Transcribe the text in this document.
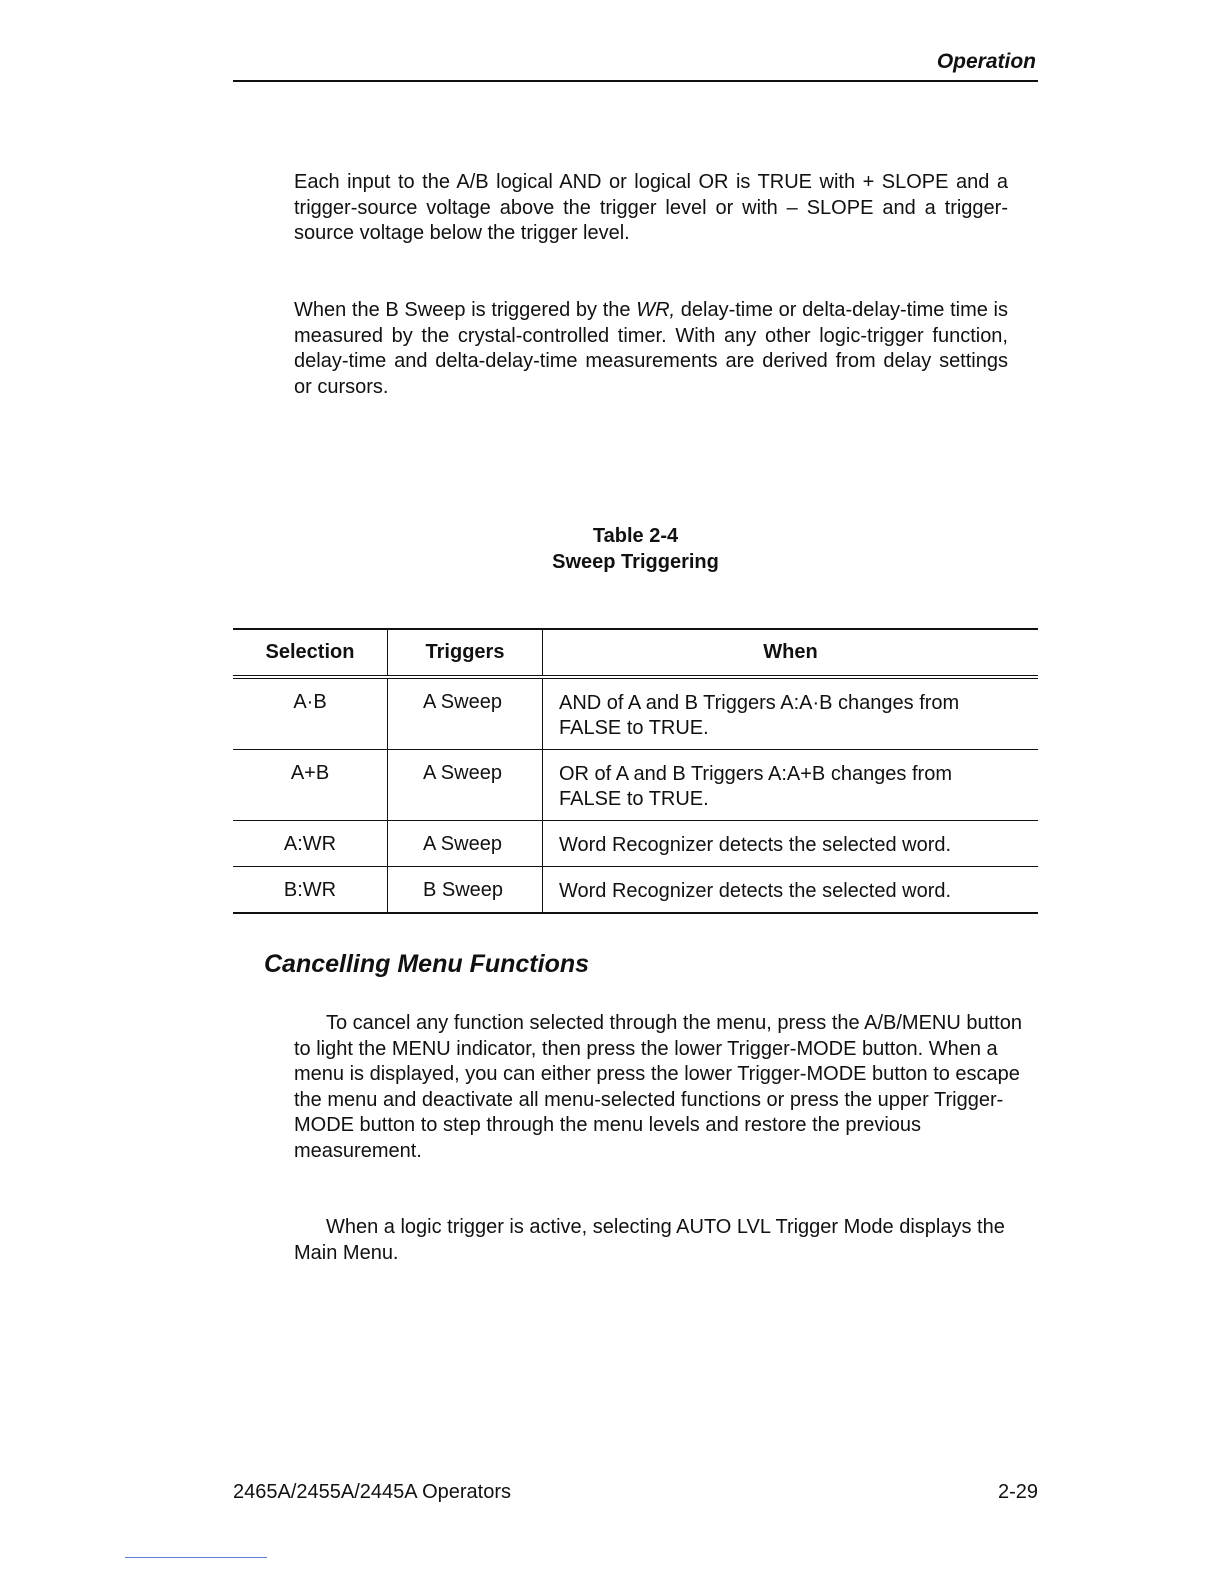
Operation

Each input to the A/B logical AND or logical OR is TRUE with + SLOPE and a trigger-source voltage above the trigger level or with – SLOPE and a trigger-source voltage below the trigger level.

When the B Sweep is triggered by the WR, delay-time or delta-delay-time time is measured by the crystal-controlled timer. With any other logic-trigger function, delay-time and delta-delay-time measurements are derived from delay settings or cursors.

Table 2-4
Sweep Triggering
Selection	Triggers	When
A·B	A Sweep	AND of A and B Triggers A:A·B changes from FALSE to TRUE.
A+B	A Sweep	OR of A and B Triggers A:A+B changes from FALSE to TRUE.
A:WR	A Sweep	Word Recognizer detects the selected word.
B:WR	B Sweep	Word Recognizer detects the selected word.
Cancelling Menu Functions

To cancel any function selected through the menu, press the A/B/MENU button to light the MENU indicator, then press the lower Trigger-MODE button. When a menu is displayed, you can either press the lower Trigger-MODE button to escape the menu and deactivate all menu-selected functions or press the upper Trigger-MODE button to step through the menu levels and restore the previous measurement.

When a logic trigger is active, selecting AUTO LVL Trigger Mode displays the Main Menu.

2465A/2455A/2445A Operators	2-29
